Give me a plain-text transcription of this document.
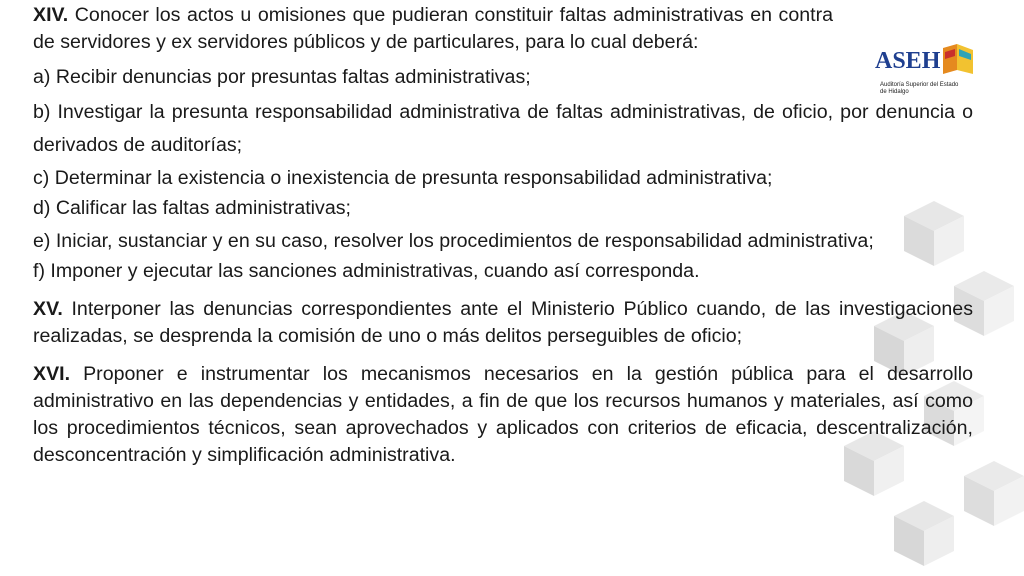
ASEH
Auditoría Superior del Estado de Hidalgo

XIV. Conocer los actos u omisiones que pudieran constituir faltas administrativas en contra de servidores y ex servidores públicos y de particulares, para lo cual deberá:

a) Recibir denuncias por presuntas faltas administrativas;

b) Investigar la presunta responsabilidad administrativa de faltas administrativas, de oficio, por denuncia o derivados de auditorías;

c) Determinar la existencia o inexistencia de presunta responsabilidad administrativa;

d) Calificar las faltas administrativas;

e) Iniciar, sustanciar y en su caso, resolver los procedimientos de responsabilidad administrativa;

f) Imponer y ejecutar las sanciones administrativas, cuando así corresponda.

XV. Interponer las denuncias correspondientes ante el Ministerio Público cuando, de las investigaciones realizadas, se desprenda la comisión de uno o más delitos perseguibles de oficio;

XVI. Proponer e instrumentar los mecanismos necesarios en la gestión pública para el desarrollo administrativo en las dependencias y entidades, a fin de que los recursos humanos y materiales, así como los procedimientos técnicos, sean aprovechados y aplicados con criterios de eficacia, descentralización, desconcentración y simplificación administrativa.
